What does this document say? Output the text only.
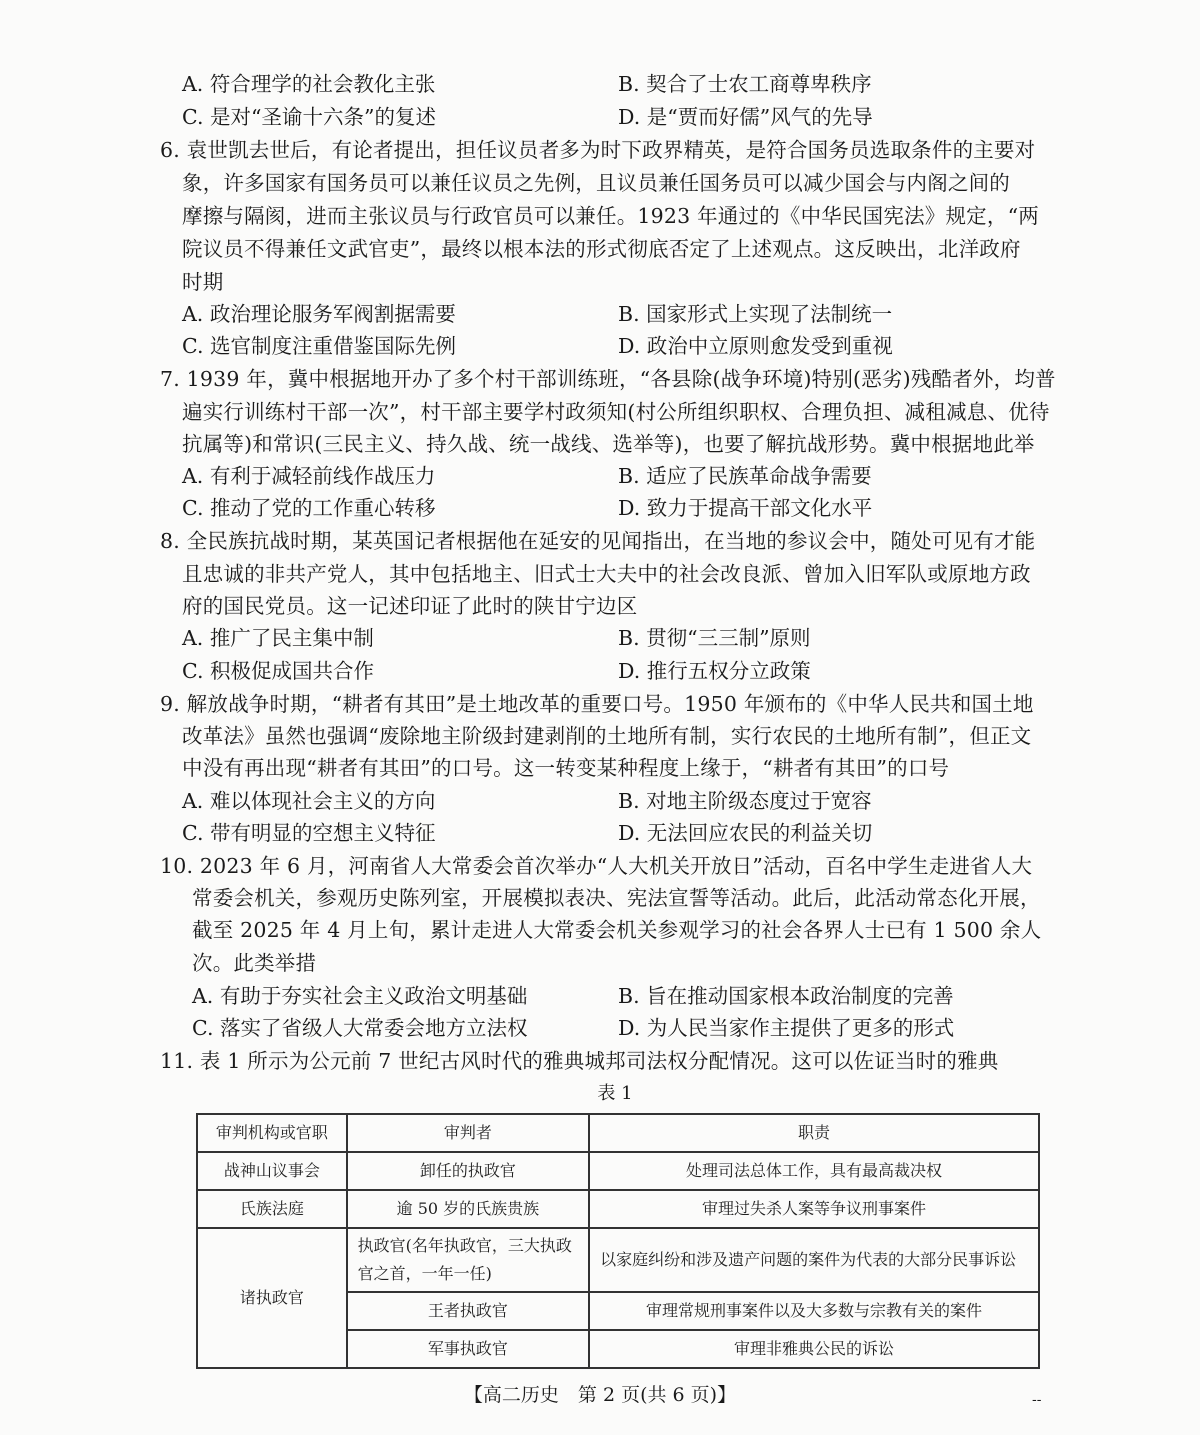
A. 符合理学的社会教化主张	B. 契合了士农工商尊卑秩序
C. 是对“圣谕十六条”的复述	D. 是“贾而好儒”风气的先导
6. 袁世凯去世后，有论者提出，担任议员者多为时下政界精英，是符合国务员选取条件的主要对
象，许多国家有国务员可以兼任议员之先例，且议员兼任国务员可以减少国会与内阁之间的
摩擦与隔阂，进而主张议员与行政官员可以兼任。1923 年通过的《中华民国宪法》规定，“两
院议员不得兼任文武官吏”，最终以根本法的形式彻底否定了上述观点。这反映出，北洋政府
时期
A. 政治理论服务军阀割据需要	B. 国家形式上实现了法制统一
C. 选官制度注重借鉴国际先例	D. 政治中立原则愈发受到重视
7. 1939 年，冀中根据地开办了多个村干部训练班，“各县除(战争环境)特别(恶劣)残酷者外，均普
遍实行训练村干部一次”，村干部主要学村政须知(村公所组织职权、合理负担、减租减息、优待
抗属等)和常识(三民主义、持久战、统一战线、选举等)，也要了解抗战形势。冀中根据地此举
A. 有利于减轻前线作战压力	B. 适应了民族革命战争需要
C. 推动了党的工作重心转移	D. 致力于提高干部文化水平
8. 全民族抗战时期，某英国记者根据他在延安的见闻指出，在当地的参议会中，随处可见有才能
且忠诚的非共产党人，其中包括地主、旧式士大夫中的社会改良派、曾加入旧军队或原地方政
府的国民党员。这一记述印证了此时的陕甘宁边区
A. 推广了民主集中制	B. 贯彻“三三制”原则
C. 积极促成国共合作	D. 推行五权分立政策
9. 解放战争时期，“耕者有其田”是土地改革的重要口号。1950 年颁布的《中华人民共和国土地
改革法》虽然也强调“废除地主阶级封建剥削的土地所有制，实行农民的土地所有制”，但正文
中没有再出现“耕者有其田”的口号。这一转变某种程度上缘于，“耕者有其田”的口号
A. 难以体现社会主义的方向	B. 对地主阶级态度过于宽容
C. 带有明显的空想主义特征	D. 无法回应农民的利益关切
10. 2023 年 6 月，河南省人大常委会首次举办“人大机关开放日”活动，百名中学生走进省人大
常委会机关，参观历史陈列室，开展模拟表决、宪法宣誓等活动。此后，此活动常态化开展，
截至 2025 年 4 月上旬，累计走进人大常委会机关参观学习的社会各界人士已有 1 500 余人
次。此类举措
A. 有助于夯实社会主义政治文明基础	B. 旨在推动国家根本政治制度的完善
C. 落实了省级人大常委会地方立法权	D. 为人民当家作主提供了更多的形式
11. 表 1 所示为公元前 7 世纪古风时代的雅典城邦司法权分配情况。这可以佐证当时的雅典
表 1
审判机构或官职	审判者	职责
战神山议事会	卸任的执政官	处理司法总体工作，具有最高裁决权
氏族法庭	逾 50 岁的氏族贵族	审理过失杀人案等争议刑事案件
诸执政官	执政官(名年执政官，三大执政官之首，一年一任)	以家庭纠纷和涉及遗产问题的案件为代表的大部分民事诉讼
	王者执政官	审理常规刑事案件以及大多数与宗教有关的案件
	军事执政官	审理非雅典公民的诉讼
【高二历史　第 2 页(共 6 页)】	--
